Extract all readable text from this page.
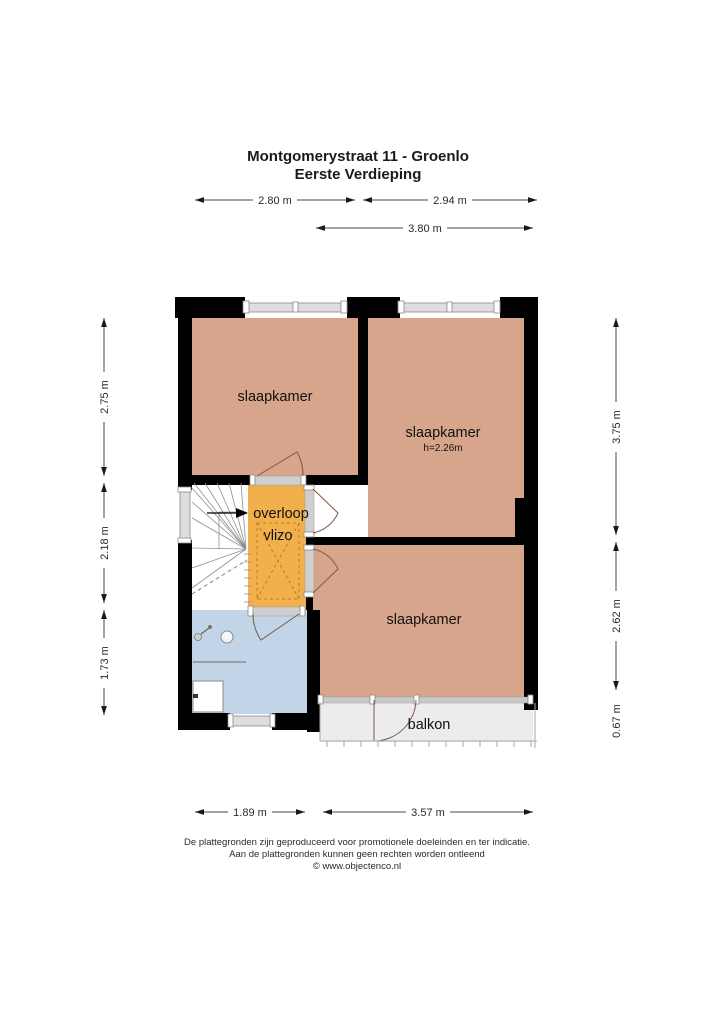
Montgomerystraat 11 - Groenlo
Eerste Verdieping
2.80 m	2.94 m
3.80 m
2.75 m
2.18 m
1.73 m
3.75 m
2.62 m
0.67 m
1.89 m	3.57 m
slaapkamer
slaapkamer
h=2.26m
slaapkamer
overloop
vlizo
balkon
De plattegronden zijn geproduceerd voor promotionele doeleinden en ter indicatie.
Aan de plattegronden kunnen geen rechten worden ontleend
© www.objectenco.nl
